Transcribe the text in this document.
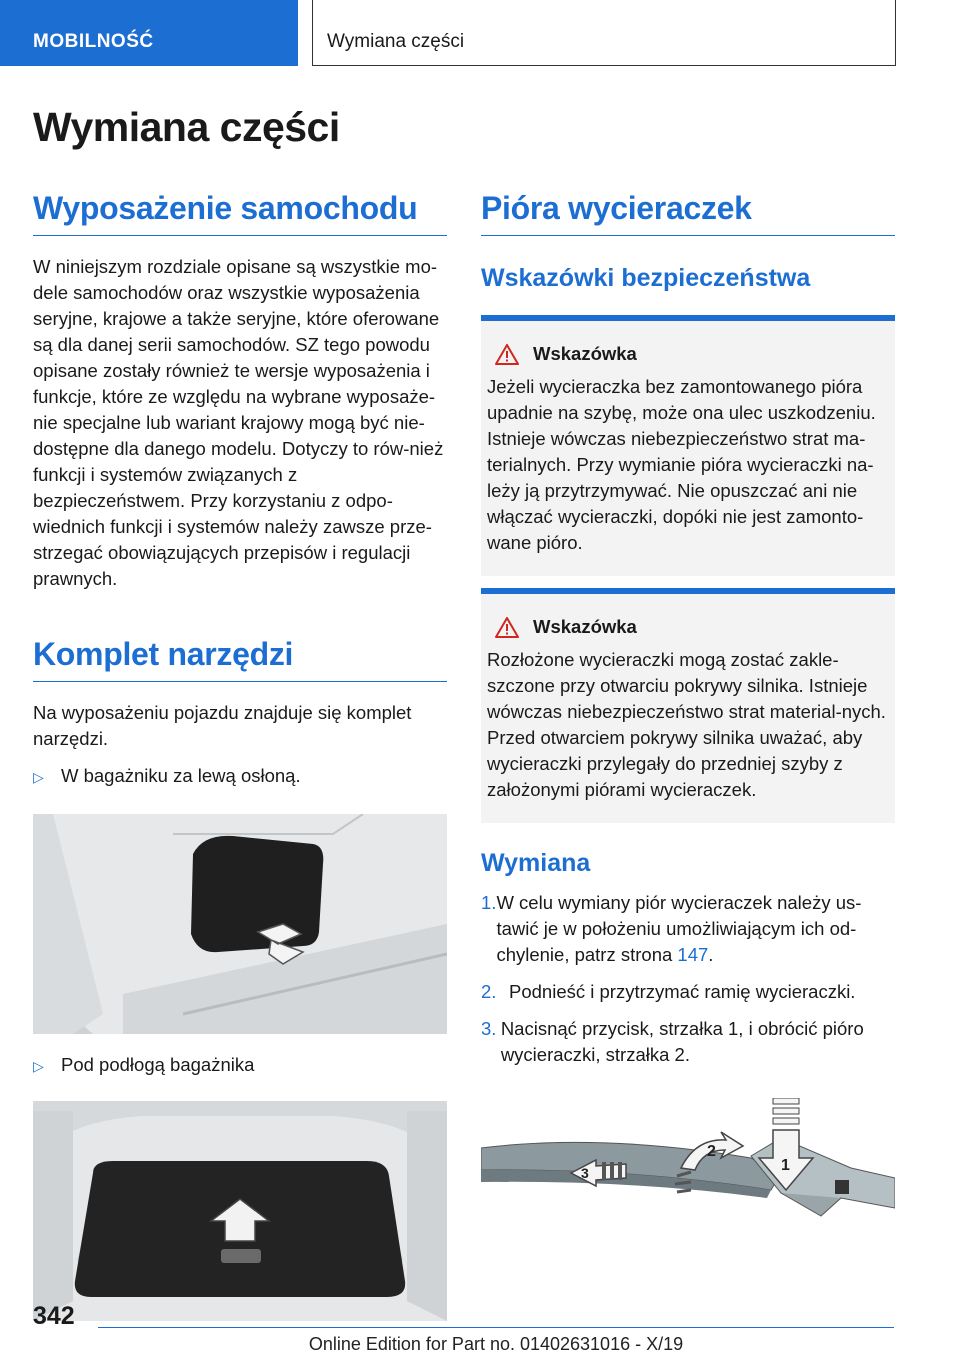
MOBILNOŚĆ	Wymiana części
Wymiana części
Wyposażenie samochodu

W niniejszym rozdziale opisane są wszystkie mo-dele samochodów oraz wszystkie wyposażenia seryjne, krajowe a także seryjne, które oferowane są dla danej serii samochodów. SZ tego powodu opisane zostały również te wersje wyposażenia i funkcje, które ze względu na wybrane wyposaże-nie specjalne lub wariant krajowy mogą być nie-dostępne dla danego modelu. Dotyczy to rów-nież funkcji i systemów związanych z bezpieczeństwem. Przy korzystaniu z odpo-wiednich funkcji i systemów należy zawsze prze-strzegać obowiązujących przepisów i regulacji prawnych.

Komplet narzędzi

Na wyposażeniu pojazdu znajduje się komplet narzędzi.

▷ W bagażniku za lewą osłoną.
▷ Pod podłogą bagażnika
Pióra wycieraczek
Wskazówki bezpieczeństwa
Wskazówka

Jeżeli wycieraczka bez zamontowanego pióra upadnie na szybę, może ona ulec uszkodzeniu. Istnieje wówczas niebezpieczeństwo strat ma-terialnych. Przy wymianie pióra wycieraczki na-leży ją przytrzymywać. Nie opuszczać ani nie włączać wycieraczki, dopóki nie jest zamonto-wane pióro.

Wskazówka

Rozłożone wycieraczki mogą zostać zakle-szczone przy otwarciu pokrywy silnika. Istnieje wówczas niebezpieczeństwo strat material-nych. Przed otwarciem pokrywy silnika uważać, aby wycieraczki przylegały do przedniej szyby z założonymi piórami wycieraczek.

Wymiana
1. W celu wymiany piór wycieraczek należy us-tawić je w położeniu umożliwiającym ich od-chylenie, patrz strona 147.
2. Podnieść i przytrzymać ramię wycieraczki.
3. Nacisnąć przycisk, strzałka 1, i obrócić pióro wycieraczki, strzałka 2.
3
2
1
342
Online Edition for Part no. 01402631016 - X/19
